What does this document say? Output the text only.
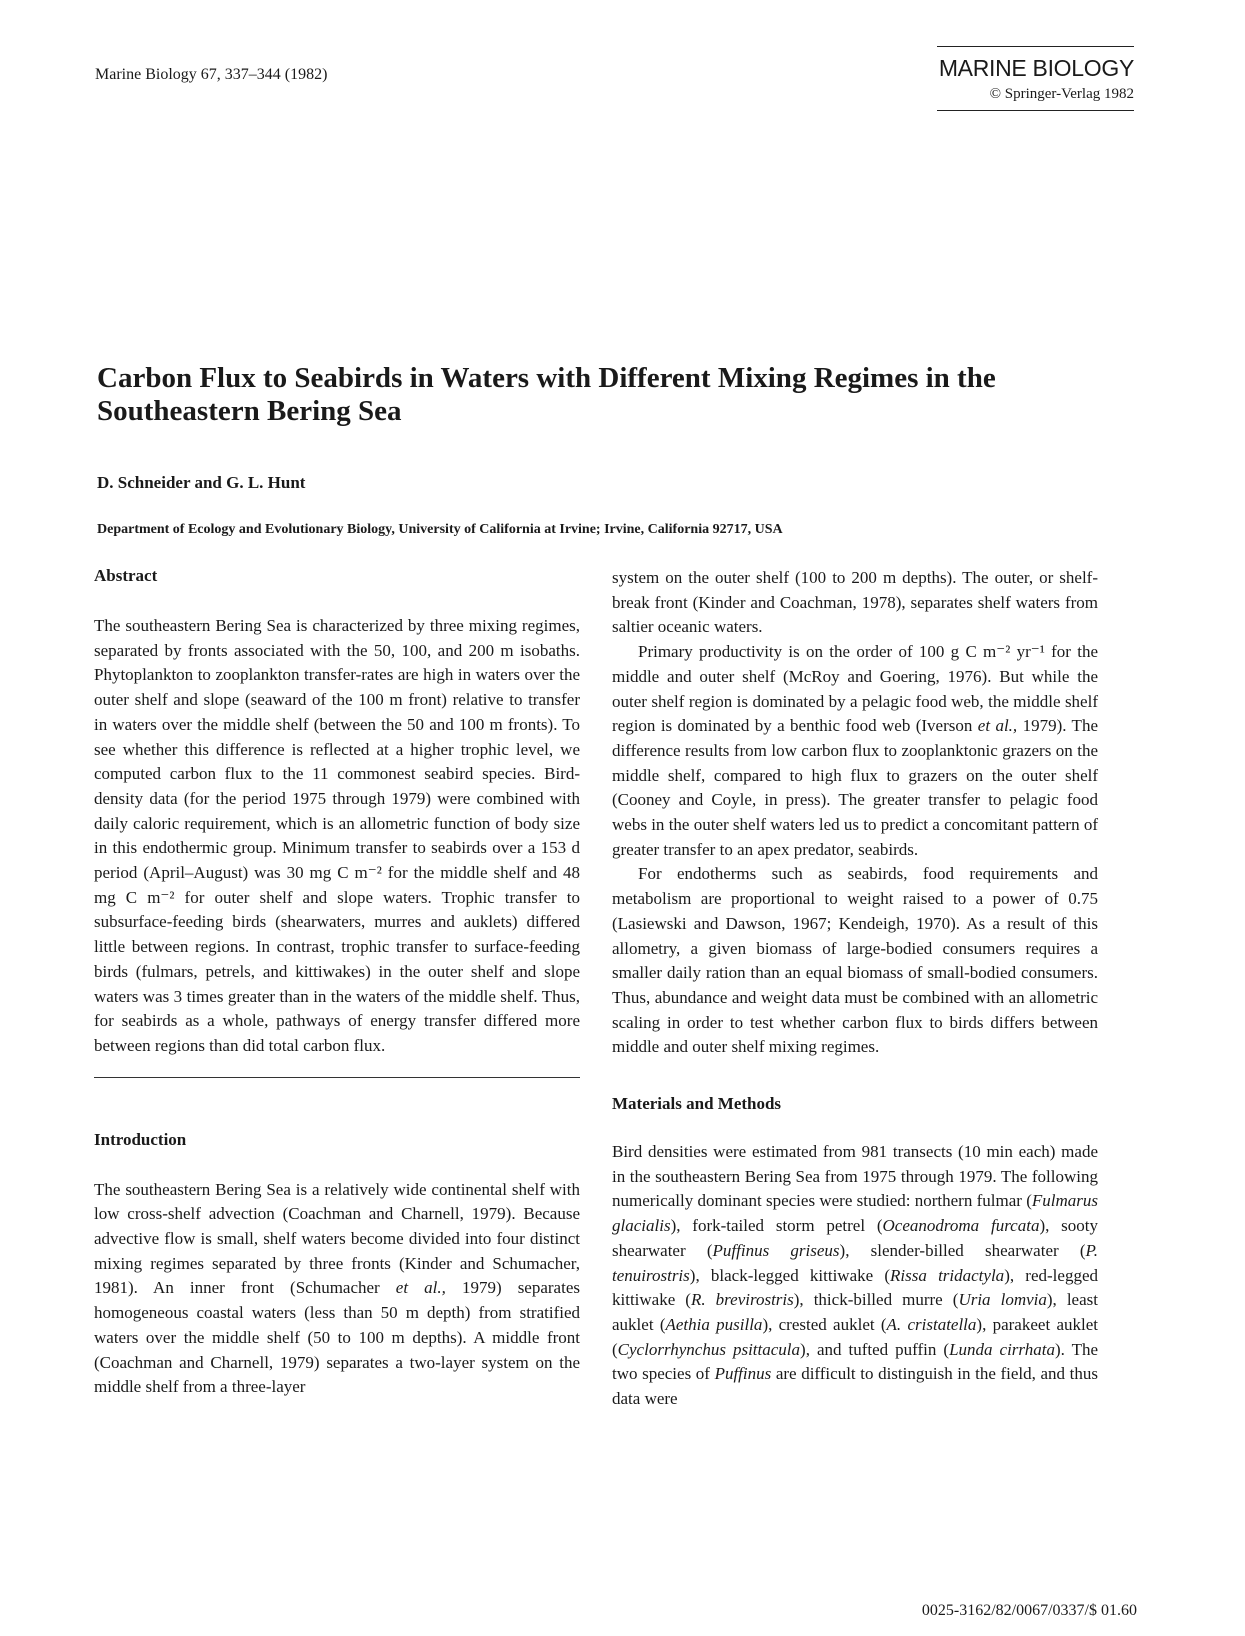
Marine Biology 67, 337–344 (1982)	MARINE BIOLOGY
© Springer-Verlag 1982
Carbon Flux to Seabirds in Waters with Different Mixing Regimes in the Southeastern Bering Sea
D. Schneider and G. L. Hunt
Department of Ecology and Evolutionary Biology, University of California at Irvine; Irvine, California 92717, USA
Abstract

The southeastern Bering Sea is characterized by three mixing regimes, separated by fronts associated with the 50, 100, and 200 m isobaths. Phytoplankton to zooplankton transfer-rates are high in waters over the outer shelf and slope (seaward of the 100 m front) relative to transfer in waters over the middle shelf (between the 50 and 100 m fronts). To see whether this difference is reflected at a higher trophic level, we computed carbon flux to the 11 commonest seabird species. Bird-density data (for the period 1975 through 1979) were combined with daily caloric requirement, which is an allometric function of body size in this endothermic group. Minimum transfer to seabirds over a 153 d period (April–August) was 30 mg C m⁻² for the middle shelf and 48 mg C m⁻² for outer shelf and slope waters. Trophic transfer to subsurface-feeding birds (shearwaters, murres and auklets) differed little between regions. In contrast, trophic transfer to surface-feeding birds (fulmars, petrels, and kittiwakes) in the outer shelf and slope waters was 3 times greater than in the waters of the middle shelf. Thus, for seabirds as a whole, pathways of energy transfer differed more between regions than did total carbon flux.

Introduction

The southeastern Bering Sea is a relatively wide continental shelf with low cross-shelf advection (Coachman and Charnell, 1979). Because advective flow is small, shelf waters become divided into four distinct mixing regimes separated by three fronts (Kinder and Schumacher, 1981). An inner front (Schumacher et al., 1979) separates homogeneous coastal waters (less than 50 m depth) from stratified waters over the middle shelf (50 to 100 m depths). A middle front (Coachman and Charnell, 1979) separates a two-layer system on the middle shelf from a three-layer

system on the outer shelf (100 to 200 m depths). The outer, or shelf-break front (Kinder and Coachman, 1978), separates shelf waters from saltier oceanic waters.

Primary productivity is on the order of 100 g C m⁻² yr⁻¹ for the middle and outer shelf (McRoy and Goering, 1976). But while the outer shelf region is dominated by a pelagic food web, the middle shelf region is dominated by a benthic food web (Iverson et al., 1979). The difference results from low carbon flux to zooplanktonic grazers on the middle shelf, compared to high flux to grazers on the outer shelf (Cooney and Coyle, in press). The greater transfer to pelagic food webs in the outer shelf waters led us to predict a concomitant pattern of greater transfer to an apex predator, seabirds.

For endotherms such as seabirds, food requirements and metabolism are proportional to weight raised to a power of 0.75 (Lasiewski and Dawson, 1967; Kendeigh, 1970). As a result of this allometry, a given biomass of large-bodied consumers requires a smaller daily ration than an equal biomass of small-bodied consumers. Thus, abundance and weight data must be combined with an allometric scaling in order to test whether carbon flux to birds differs between middle and outer shelf mixing regimes.

Materials and Methods

Bird densities were estimated from 981 transects (10 min each) made in the southeastern Bering Sea from 1975 through 1979. The following numerically dominant species were studied: northern fulmar (Fulmarus glacialis), fork-tailed storm petrel (Oceanodroma furcata), sooty shearwater (Puffinus griseus), slender-billed shearwater (P. tenuirostris), black-legged kittiwake (Rissa tridactyla), red-legged kittiwake (R. brevirostris), thick-billed murre (Uria lomvia), least auklet (Aethia pusilla), crested auklet (A. cristatella), parakeet auklet (Cyclorrhynchus psittacula), and tufted puffin (Lunda cirrhata). The two species of Puffinus are difficult to distinguish in the field, and thus data were

0025-3162/82/0067/0337/$ 01.60
